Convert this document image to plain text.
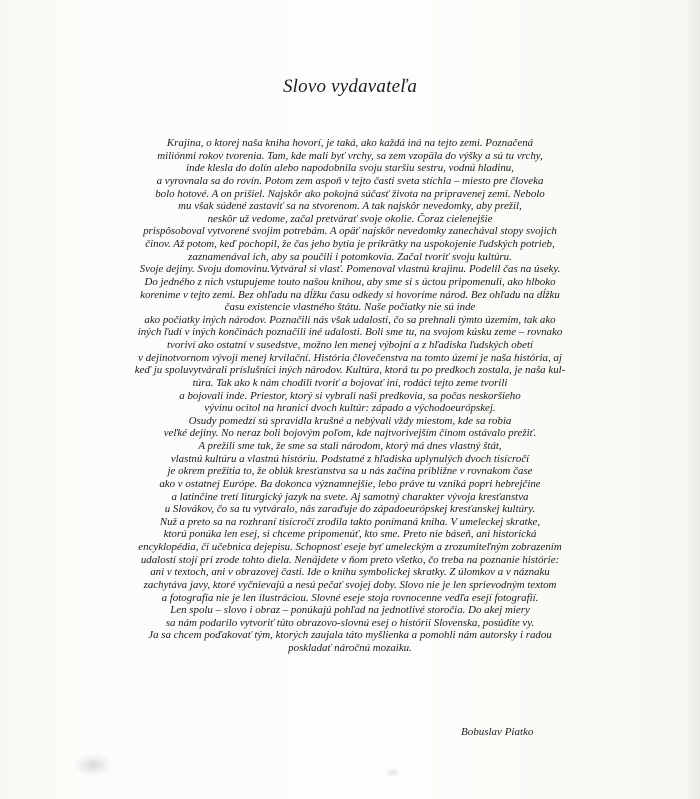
Slovo vydavateľa
Krajina, o ktorej naša kniha hovorí, je taká, ako každá iná na tejto zemi. Poznačená
miliónmi rokov tvorenia. Tam, kde mali byť vrchy, sa zem vzopäla do výšky a sú tu vrchy,
inde klesla do dolín alebo napodobnila svoju staršiu sestru, vodnú hladinu,
a vyrovnala sa do rovín. Potom zem aspoň v tejto časti sveta stíchla – miesto pre človeka
bolo hotové. A on prišiel. Najskôr ako pokojná súčasť života na pripravenej zemi. Nebolo
mu však súdené zastaviť sa na stvorenom. A tak najskôr nevedomky, aby prežil,
neskôr už vedome, začal pretvárať svoje okolie. Čoraz cielenejšie
prispôsoboval vytvorené svojim potrebám. A opäť najskôr nevedomky zanechával stopy svojich
činov. Až potom, keď pochopil, že čas jeho bytia je príkrätky na uspokojenie ľudských potrieb,
zaznamenával ich, aby sa poučili i potomkovia. Začal tvoriť svoju kultúru.
Svoje dejiny. Svoju domovinu.Vytváral si vlasť. Pomenoval vlastnú krajinu. Podelil čas na úseky.
Do jedného z nich vstupujeme touto našou knihou, aby sme si s úctou pripomenuli, ako hlboko
korenime v tejto zemi. Bez ohľadu na dĺžku času odkedy si hovoríme národ. Bez ohľadu na dĺžku
času existencie vlastného štátu. Naše počiatky nie sú inde
ako počiatky iných národov. Poznačili nás však udalosti, čo sa prehnali týmto územím, tak ako
iných ľudí v iných končinách poznačili iné udalosti. Boli sme tu, na svojom kúsku zeme – rovnako
tvoriví ako ostatní v susedstve, možno len menej výbojní a z hľadiska ľudských obetí
v dejinotvornom vývoji menej krvilační. História človečenstva na tomto území je naša história, aj
keď ju spoluvytvárali príslušníci iných národov. Kultúra, ktorá tu po predkoch zostala, je naša kul-
túra. Tak ako k nám chodili tvoriť a bojovať iní, rodáci tejto zeme tvorili
a bojovali inde. Priestor, ktorý si vybrali naši predkovia, sa počas neskoršieho
vývinu ocitol na hranici dvoch kultúr: západo a východoeurópskej.
Osudy pomedzí sú spravidla krušné a nebývali vždy miestom, kde sa robia
veľké dejiny. No neraz boli bojovým poľom, kde najtvorivejším činom ostávalo prežiť.
A prežili sme tak, že sme sa stali národom, ktorý má dnes vlastný štát,
vlastnú kultúru a vlastnú históriu. Podstatné z hľadiska uplynulých dvoch tisícročí
je okrem prežitia to, že oblúk kresťanstva sa u nás začína približne v rovnakom čase
ako v ostatnej Európe. Ba dokonca významnejšie, lebo práve tu vzniká popri hebrejčine
a latinčine tretí liturgický jazyk na svete. Aj samotný charakter vývoja kresťanstva
u Slovákov, čo sa tu vytváralo, nás zaraďuje do západoeurópskej kresťanskej kultúry.
Nuž a preto sa na rozhraní tisícročí zrodila takto ponímaná kniha. V umeleckej skratke,
ktorú ponúka len esej, si chceme pripomenúť, kto sme. Preto nie báseň, ani historická
encyklopédia, či učebnica dejepisu. Schopnosť eseje byť umeleckým a zrozumiteľným zobrazením
udalostí stojí pri zrode tohto diela. Nenájdete v ňom preto všetko, čo treba na poznanie histórie:
ani v textoch, ani v obrazovej časti. Ide o knihu symbolickej skratky. Z úlomkov a v náznaku
zachytáva javy, ktoré vyčnievajú a nesú pečať svojej doby. Slovo nie je len sprievodným textom
a fotografia nie je len ilustráciou. Slovné eseje stoja rovnocenne vedľa esejí fotografií.
Len spolu – slovo i obraz – ponúkajú pohľad na jednotlivé storočia. Do akej miery
sa nám podarilo vytvoriť túto obrazovo-slovnú esej o histórii Slovenska, posúdite vy.
Ja sa chcem poďakovať tým, ktorých zaujala táto myšlienka a pomohli nám autorsky i radou
poskladať náročnú mozaiku.
Bobuslav Piatko
